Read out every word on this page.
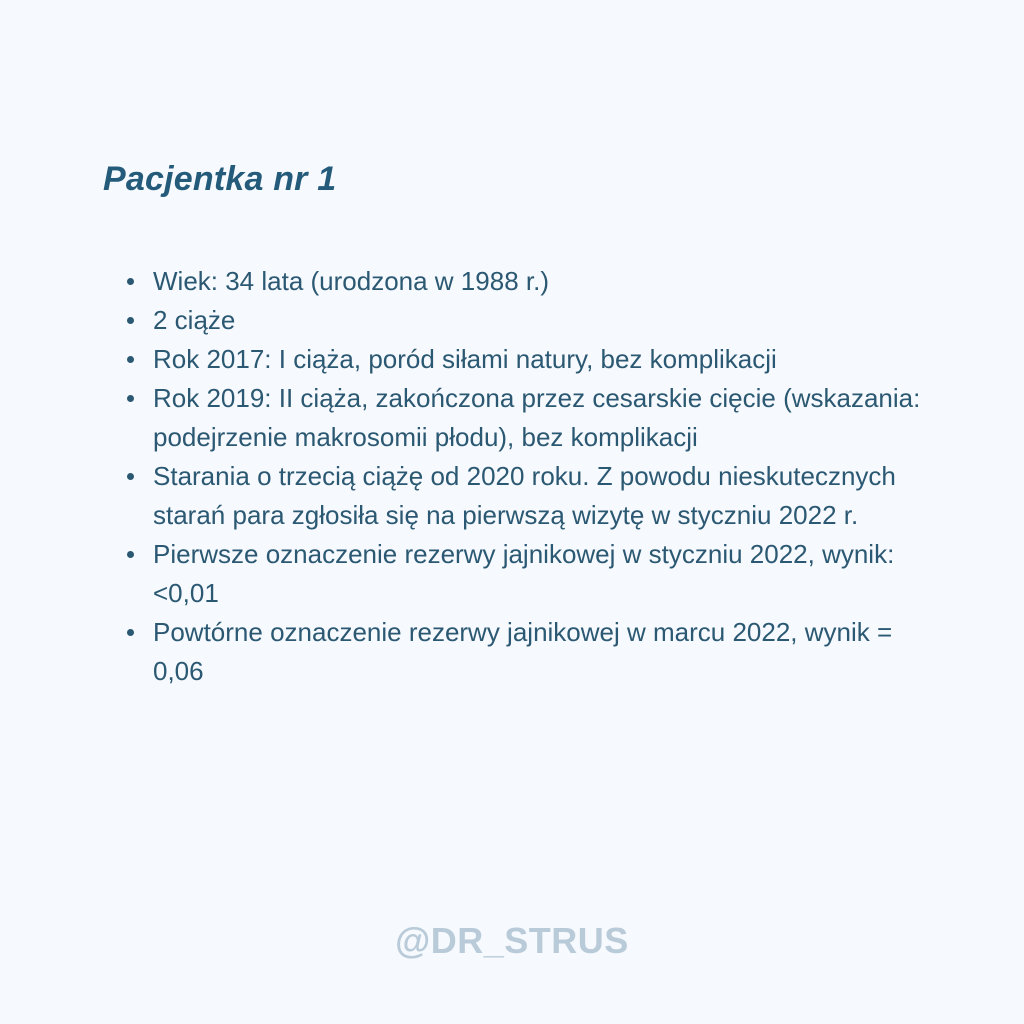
Pacjentka nr 1
Wiek: 34 lata (urodzona w 1988 r.)
2 ciąże
Rok 2017: I ciąża, poród siłami natury, bez komplikacji
Rok 2019: II ciąża, zakończona przez cesarskie cięcie (wskazania: podejrzenie makrosomii płodu), bez komplikacji
Starania o trzecią ciążę od 2020 roku. Z powodu nieskutecznych starań para zgłosiła się na pierwszą wizytę w styczniu 2022 r.
Pierwsze oznaczenie rezerwy jajnikowej w styczniu 2022, wynik: <0,01
Powtórne oznaczenie rezerwy jajnikowej w marcu 2022, wynik = 0,06
@DR_STRUS
